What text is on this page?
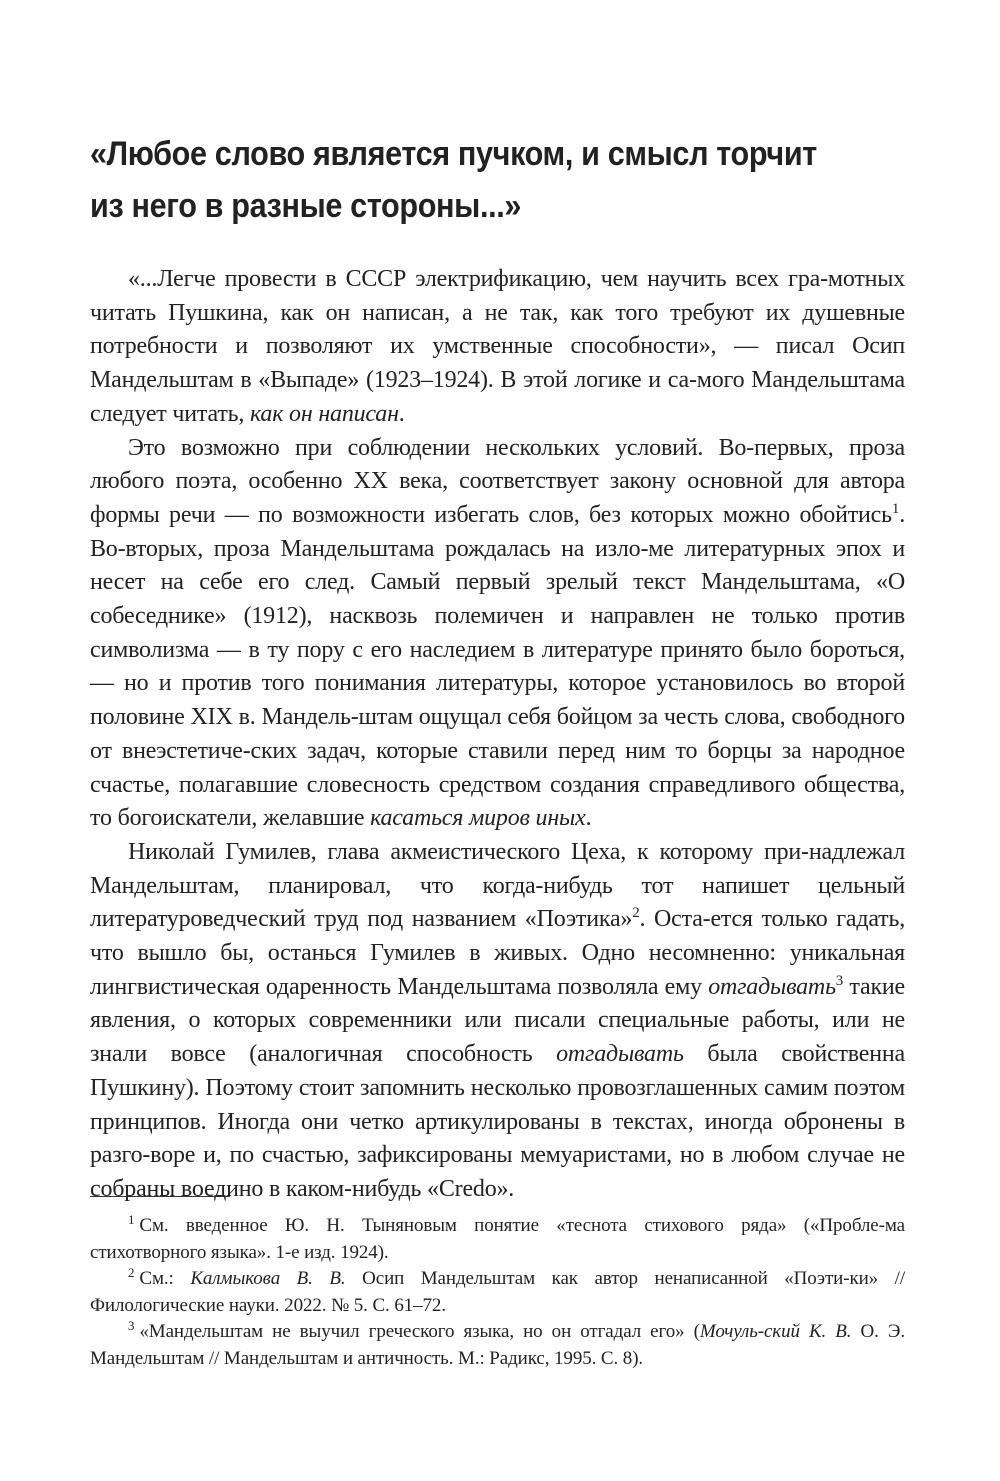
«Любое слово является пучком, и смысл торчит
из него в разные стороны...»

«...Легче провести в СССР электрификацию, чем научить всех гра-мотных читать Пушкина, как он написан, а не так, как того требуют их душевные потребности и позволяют их умственные способности», — писал Осип Мандельштам в «Выпаде» (1923–1924). В этой логике и са-мого Мандельштама следует читать, как он написан.

Это возможно при соблюдении нескольких условий. Во-первых, проза любого поэта, особенно XX века, соответствует закону основной для автора формы речи — по возможности избегать слов, без которых можно обойтись$^1$. Во-вторых, проза Мандельштама рождалась на изло-ме литературных эпох и несет на себе его след. Самый первый зрелый текст Мандельштама, «О собеседнике» (1912), насквозь полемичен и направлен не только против символизма — в ту пору с его наследием в литературе принято было бороться, — но и против того понимания литературы, которое установилось во второй половине XIX в. Мандель-штам ощущал себя бойцом за честь слова, свободного от внеэстетиче-ских задач, которые ставили перед ним то борцы за народное счастье, полагавшие словесность средством создания справедливого общества, то богоискатели, желавшие касаться миров иных.

Николай Гумилев, глава акмеистического Цеха, к которому при-надлежал Мандельштам, планировал, что когда-нибудь тот напишет цельный литературоведческий труд под названием «Поэтика»$^2$. Оста-ется только гадать, что вышло бы, останься Гумилев в живых. Одно несомненно: уникальная лингвистическая одаренность Мандельштама позволяла ему отгадывать$^3$ такие явления, о которых современники или писали специальные работы, или не знали вовсе (аналогичная способность отгадывать была свойственна Пушкину). Поэтому стоит запомнить несколько провозглашенных самим поэтом принципов. Иногда они четко артикулированы в текстах, иногда обронены в разго-воре и, по счастью, зафиксированы мемуаристами, но в любом случае не собраны воедино в каком-нибудь «Credo».

$^1$ См. введенное Ю. Н. Тыняновым понятие «теснота стихового ряда» («Пробле-ма стихотворного языка». 1-е изд. 1924).

$^2$ См.: Калмыкова В. В. Осип Мандельштам как автор ненаписанной «Поэти-ки» // Филологические науки. 2022. № 5. С. 61–72.

$^3$ «Мандельштам не выучил греческого языка, но он отгадал его» (Мочуль-ский К. В. О. Э. Мандельштам // Мандельштам и античность. М.: Радикс, 1995. С. 8).
